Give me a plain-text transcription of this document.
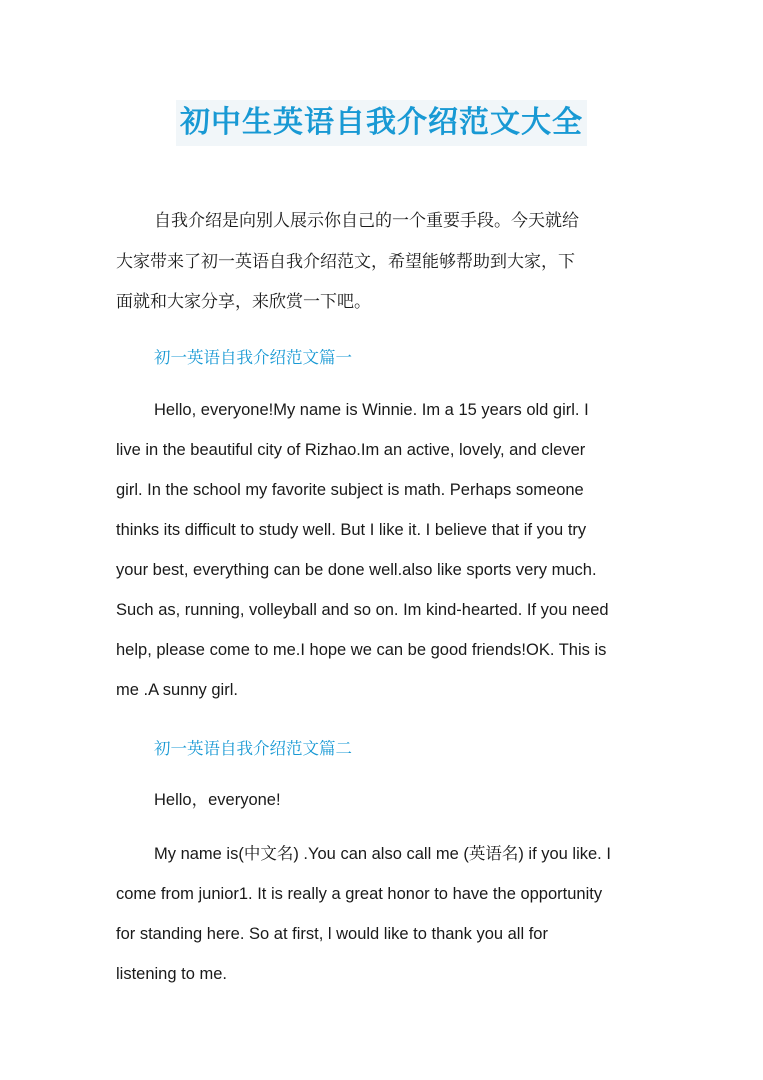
初中生英语自我介绍范文大全
自我介绍是向别人展示你自己的一个重要手段。今天就给
大家带来了初一英语自我介绍范文，希望能够帮助到大家，下
面就和大家分享，来欣赏一下吧。
初一英语自我介绍范文篇一
Hello, everyone!My name is Winnie. Im a 15 years old girl. I
live in the beautiful city of Rizhao.Im an active, lovely, and clever
girl. In the school my favorite subject is math. Perhaps someone
thinks its difficult to study well. But I like it. I believe that if you try
your best, everything can be done well.also like sports very much.
Such as, running, volleyball and so on. Im kind-hearted. If you need
help, please come to me.I hope we can be good friends!OK. This is
me .A sunny girl.
初一英语自我介绍范文篇二
Hello，everyone!
My name is(中文名) .You can also call me (英语名) if you like. I
come from junior1. It is really a great honor to have the opportunity
for standing here. So at first, l would like to thank you all for
listening to me.
